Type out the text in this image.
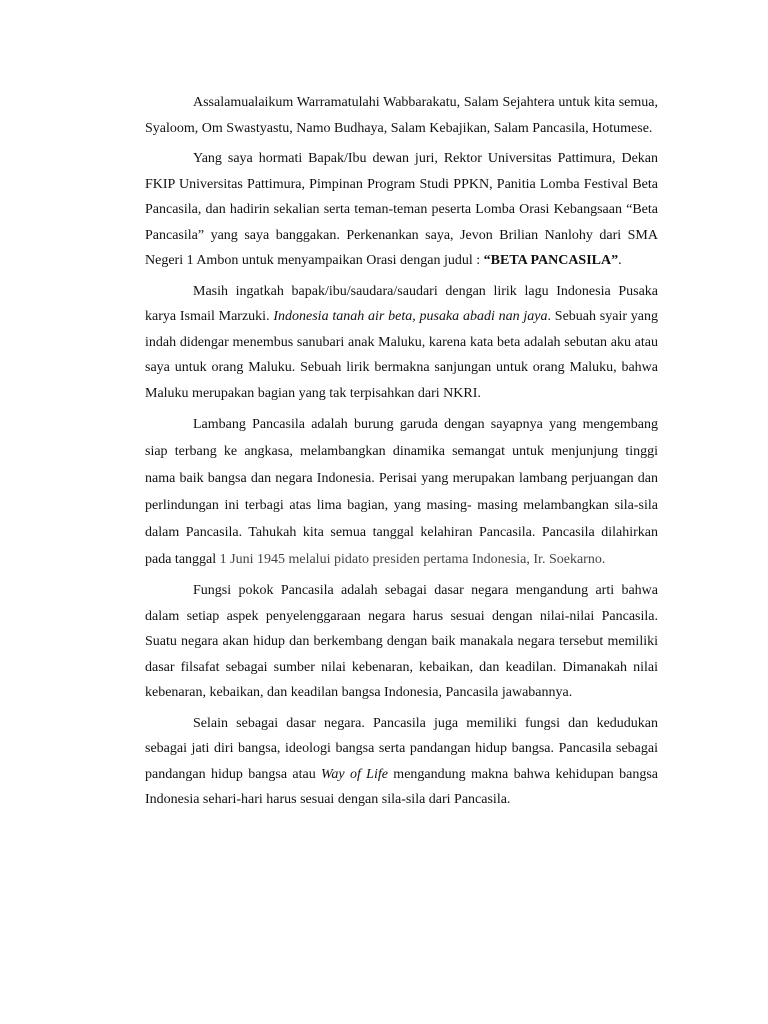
Assalamualaikum Warramatulahi Wabbarakatu, Salam Sejahtera untuk kita semua, Syaloom, Om Swastyastu, Namo Budhaya, Salam Kebajikan, Salam Pancasila, Hotumese.

Yang saya hormati Bapak/Ibu dewan juri, Rektor Universitas Pattimura, Dekan FKIP Universitas Pattimura, Pimpinan Program Studi PPKN, Panitia Lomba Festival Beta Pancasila, dan hadirin sekalian serta teman-teman peserta Lomba Orasi Kebangsaan “Beta Pancasila” yang saya banggakan. Perkenankan saya, Jevon Brilian Nanlohy dari SMA Negeri 1 Ambon untuk menyampaikan Orasi dengan judul : “BETA PANCASILA”.

Masih ingatkah bapak/ibu/saudara/saudari dengan lirik lagu Indonesia Pusaka karya Ismail Marzuki. Indonesia tanah air beta, pusaka abadi nan jaya. Sebuah syair yang indah didengar menembus sanubari anak Maluku, karena kata beta adalah sebutan aku atau saya untuk orang Maluku. Sebuah lirik bermakna sanjungan untuk orang Maluku, bahwa Maluku merupakan bagian yang tak terpisahkan dari NKRI.

Lambang Pancasila adalah burung garuda dengan sayapnya yang mengembang siap terbang ke angkasa, melambangkan dinamika semangat untuk menjunjung tinggi nama baik bangsa dan negara Indonesia. Perisai yang merupakan lambang perjuangan dan perlindungan ini terbagi atas lima bagian, yang masing- masing melambangkan sila-sila dalam Pancasila. Tahukah kita semua tanggal kelahiran Pancasila. Pancasila dilahirkan pada tanggal 1 Juni 1945 melalui pidato presiden pertama Indonesia, Ir. Soekarno.

Fungsi pokok Pancasila adalah sebagai dasar negara mengandung arti bahwa dalam setiap aspek penyelenggaraan negara harus sesuai dengan nilai-nilai Pancasila. Suatu negara akan hidup dan berkembang dengan baik manakala negara tersebut memiliki dasar filsafat sebagai sumber nilai kebenaran, kebaikan, dan keadilan. Dimanakah nilai kebenaran, kebaikan, dan keadilan bangsa Indonesia, Pancasila jawabannya.

Selain sebagai dasar negara. Pancasila juga memiliki fungsi dan kedudukan sebagai jati diri bangsa, ideologi bangsa serta pandangan hidup bangsa. Pancasila sebagai pandangan hidup bangsa atau Way of Life mengandung makna bahwa kehidupan bangsa Indonesia sehari-hari harus sesuai dengan sila-sila dari Pancasila.
